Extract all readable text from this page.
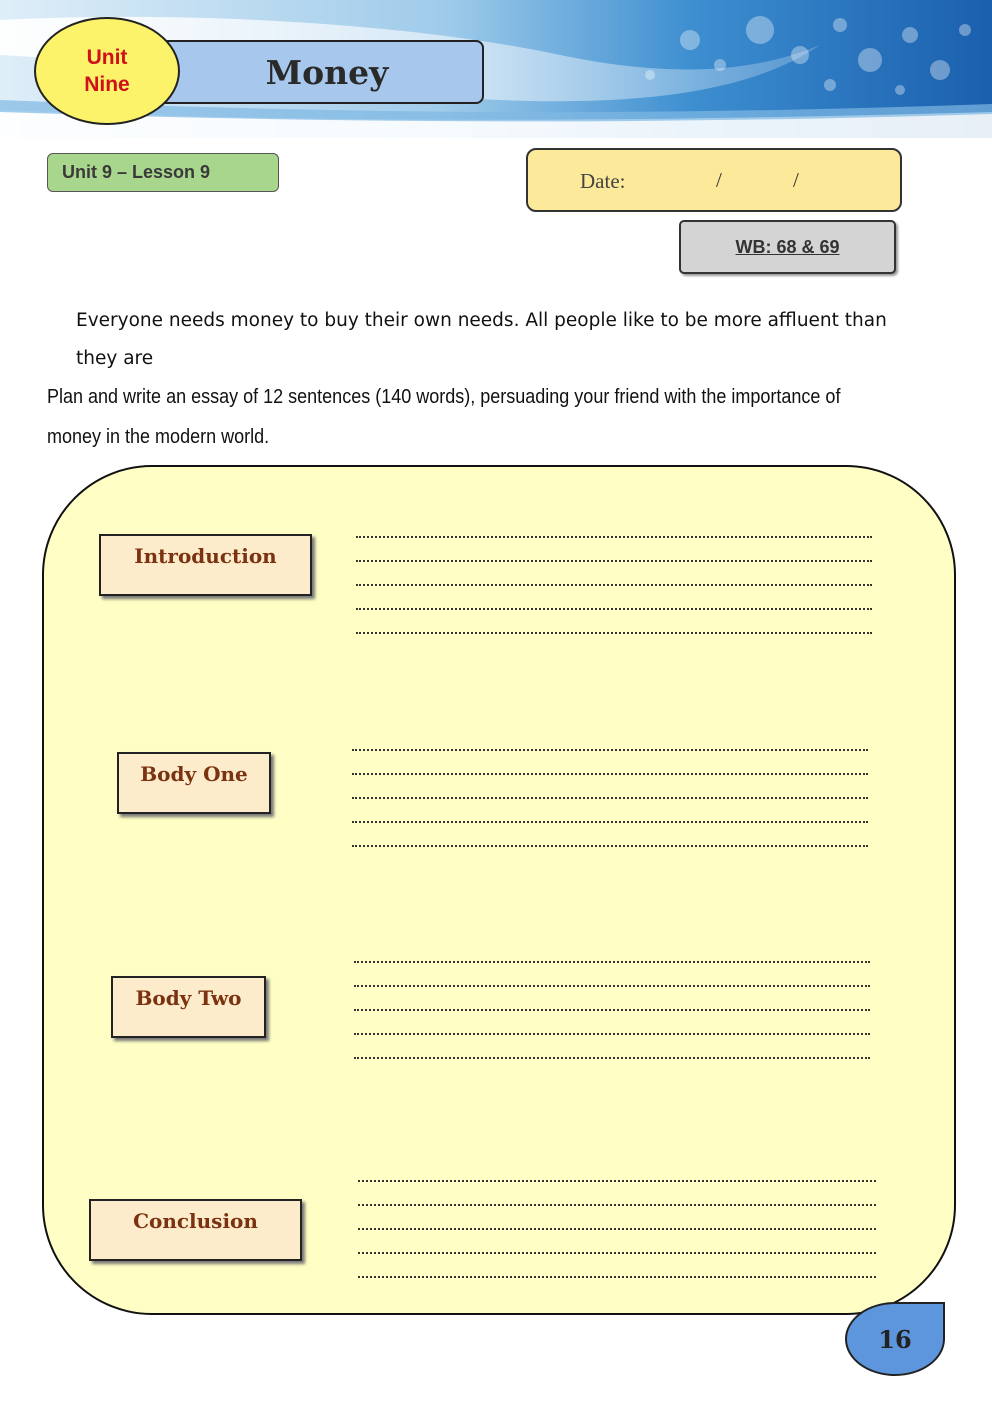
Money
Unit
Nine
Unit 9 – Lesson 9	Date:	/	/
WB: 68 & 69
Everyone needs money to buy their own needs. All people like to be more affluent than
they are
Plan and write an essay of 12 sentences (140 words), persuading your friend with the importance of
money in the modern world.
Introduction
Body One
Body Two
Conclusion
16
